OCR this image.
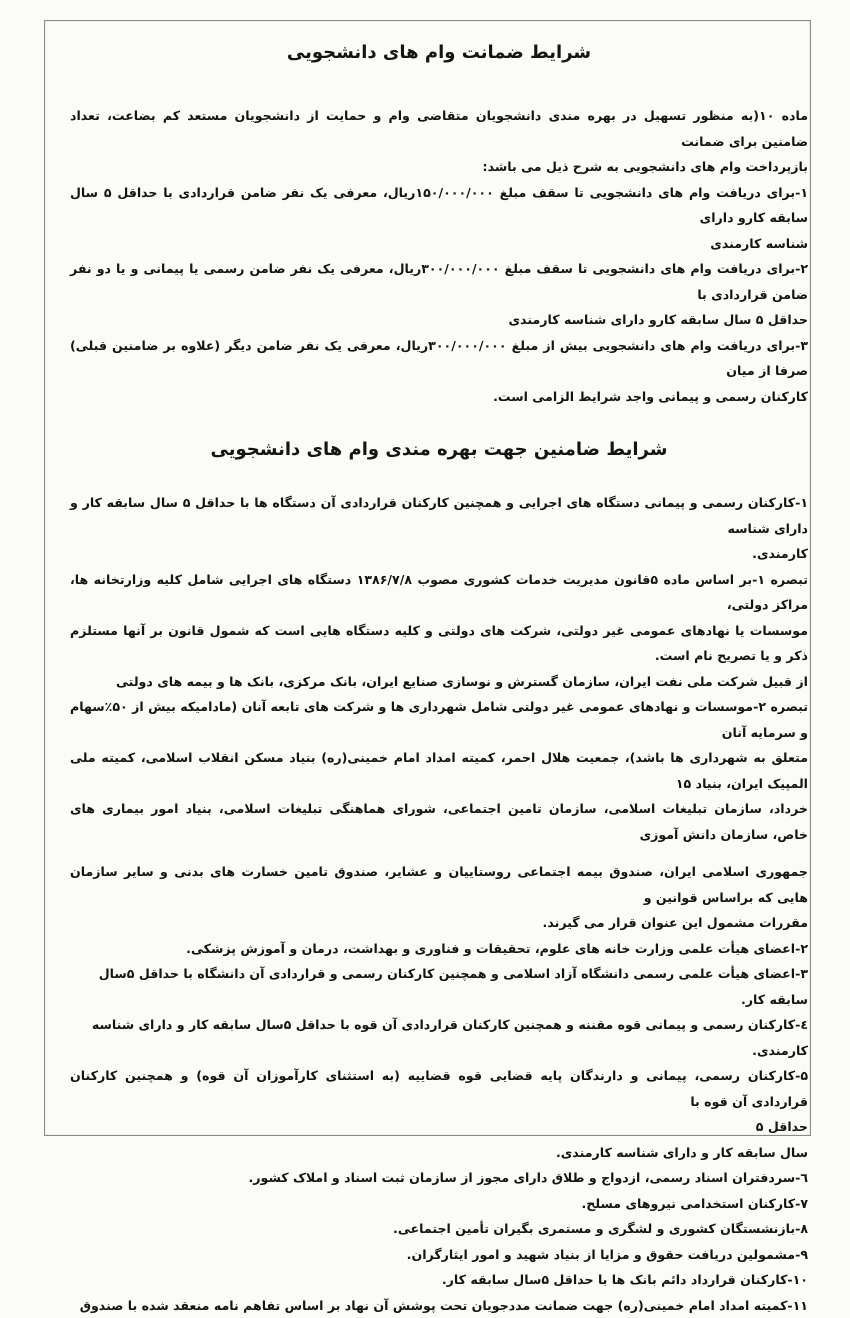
شرایط ضمانت وام های دانشجویی

ماده ۱۰(به منظور تسهیل در بهره مندی دانشجویان متقاضی وام و حمایت از دانشجویان مستعد کم بضاعت، تعداد ضامنین برای ضمانت

بازپرداخت وام های دانشجویی به شرح ذیل می باشد:

۱-برای دریافت وام های دانشجویی تا سقف مبلغ ۱۵۰/۰۰۰/۰۰۰ریال، معرفی یک نفر ضامن قراردادی با حداقل ۵ سال سابقه کارو دارای

شناسه کارمندی

۲-برای دریافت وام های دانشجویی تا سقف مبلغ ۳۰۰/۰۰۰/۰۰۰ریال، معرفی یک نفر ضامن رسمی یا پیمانی و یا دو نفر ضامن قراردادی با

حداقل ۵ سال سابقه کارو دارای شناسه کارمندی

۳-برای دریافت وام های دانشجویی بیش از مبلغ ۳۰۰/۰۰۰/۰۰۰ریال، معرفی یک نفر ضامن دیگر (علاوه بر ضامنین قبلی) صرفا از میان

کارکنان رسمی و پیمانی واجد شرایط الزامی است.

شرایط ضامنین جهت بهره مندی وام های دانشجویی

۱-کارکنان رسمی و پیمانی دستگاه های اجرایی و همچنین کارکنان قراردادی آن دستگاه ها با حداقل ۵ سال سابقه کار و دارای شناسه

کارمندی.

تبصره ۱-بر اساس ماده ۵قانون مدیریت خدمات کشوری مصوب ۱۳۸۶/۷/۸ دستگاه های اجرایی شامل کلیه وزارتخانه ها، مراکز دولتی،

موسسات یا نهادهای عمومی غیر دولتی، شرکت های دولتی و کلیه دستگاه هایی است که شمول قانون بر آنها مستلزم ذکر و یا تصریح نام است.

از قبیل شرکت ملی نفت ایران، سازمان گسترش و نوسازی صنایع ایران، بانک مرکزی، بانک ها و بیمه های دولتی

تبصره ۲-موسسات و نهادهای عمومی غیر دولتی شامل شهرداری ها و شرکت های تابعه آنان (مادامیکه بیش از ۵۰٪سهام و سرمایه آنان

متعلق به شهرداری ها باشد)، جمعیت هلال احمر، کمیته امداد امام خمینی(ره) بنیاد مسکن انقلاب اسلامی، کمیته ملی المپیک ایران، بنیاد ۱۵

خرداد، سازمان تبلیغات اسلامی، سازمان تامین اجتماعی، شورای هماهنگی تبلیغات اسلامی، بنیاد امور بیماری های خاص، سازمان دانش آموزی

جمهوری اسلامی ایران، صندوق بیمه اجتماعی روستاییان و عشایر، صندوق تامین خسارت های بدنی و سایر سازمان هایی که براساس قوانین و

مقررات مشمول این عنوان قرار می گیرند.

۲-اعضای هیأت علمی وزارت خانه های علوم، تحقیقات و فناوری و بهداشت، درمان و آموزش پزشکی.

۳-اعضای هیأت علمی رسمی دانشگاه آزاد اسلامی و همچنین کارکنان رسمی و قراردادی آن دانشگاه با حداقل ۵سال سابقه کار.

٤-کارکنان رسمی و پیمانی قوه مقننه و همچنین کارکنان قراردادی آن قوه با حداقل ۵سال سابقه کار و دارای شناسه کارمندی.

۵-کارکنان رسمی، پیمانی و دارندگان پایه قضایی قوه قضاییه (به استثنای کارآموزان آن قوه) و همچنین کارکنان قراردادی آن قوه با

حداقل ۵

سال سابقه کار و دارای شناسه کارمندی.

٦-سردفتران اسناد رسمی، ازدواج و طلاق دارای مجوز از سازمان ثبت اسناد و املاک کشور.

۷-کارکنان استخدامی نیروهای مسلح.

۸-بازنشستگان کشوری و لشگری و مستمری بگیران تأمین اجتماعی.

۹-مشمولین دریافت حقوق و مزایا از بنیاد شهید و امور ایثارگران.

۱۰-کارکنان قرارداد دائم بانک ها با حداقل ۵سال سابقه کار.

۱۱-کمیته امداد امام خمینی(ره) جهت ضمانت مددجویان تحت پوشش آن نهاد بر اساس تفاهم نامه منعقد شده با صندوق
